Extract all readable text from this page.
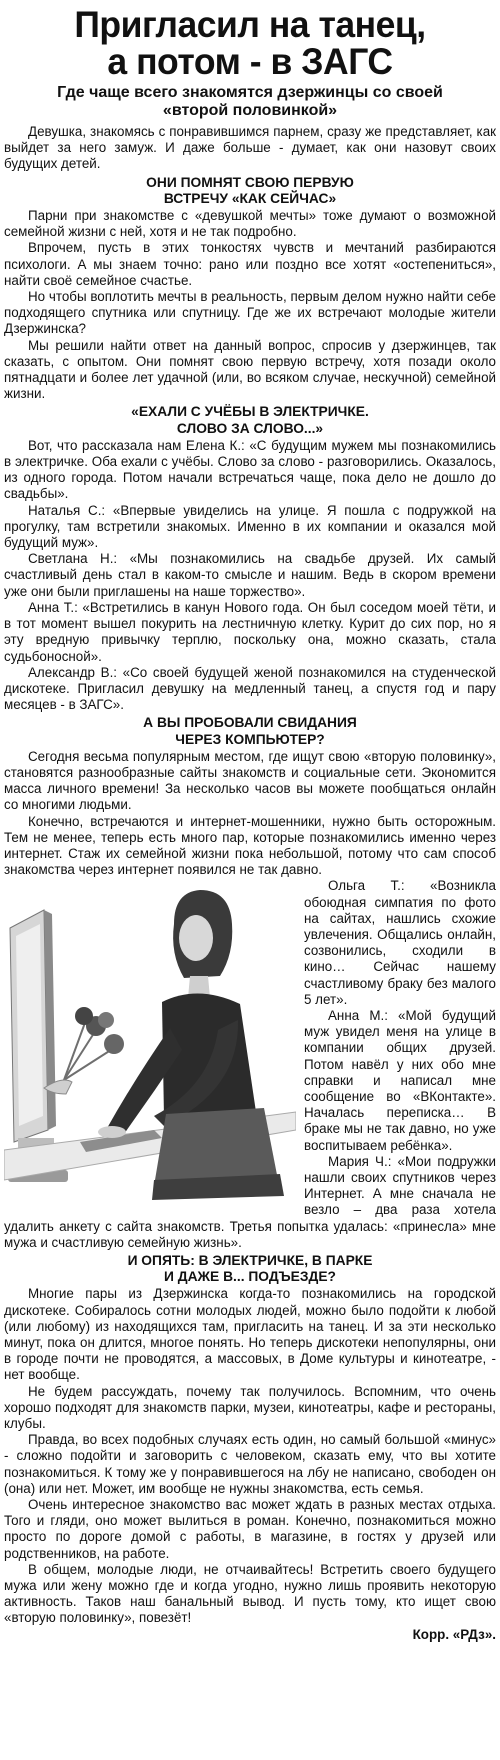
Пригласил на танец,
а потом - в ЗАГС
Где чаще всего знакомятся дзержинцы со своей
«второй половинкой»

Девушка, знакомясь с понравившимся парнем, сразу же представляет, как выйдет за него замуж. И даже больше - думает, как они назовут своих будущих детей.

ОНИ ПОМНЯТ СВОЮ ПЕРВУЮ
ВСТРЕЧУ «КАК СЕЙЧАС»

Парни при знакомстве с «девушкой мечты» тоже думают о возможной семейной жизни с ней, хотя и не так подробно.

Впрочем, пусть в этих тонкостях чувств и мечтаний разбираются психологи. А мы знаем точно: рано или поздно все хотят «остепениться», найти своё семейное счастье.

Но чтобы воплотить мечты в реальность, первым делом нужно найти себе подходящего спутника или спутницу. Где же их встречают молодые жители Дзержинска?

Мы решили найти ответ на данный вопрос, спросив у дзержинцев, так сказать, с опытом. Они помнят свою первую встречу, хотя позади около пятнадцати и более лет удачной (или, во всяком случае, нескучной) семейной жизни.

«ЕХАЛИ С УЧЁБЫ В ЭЛЕКТРИЧКЕ.
СЛОВО ЗА СЛОВО...»

Вот, что рассказала нам Елена К.: «С будущим мужем мы познакомились в электричке. Оба ехали с учёбы. Слово за слово - разговорились. Оказалось, из одного города. Потом начали встречаться чаще, пока дело не дошло до свадьбы».

Наталья С.: «Впервые увиделись на улице. Я пошла с подружкой на прогулку, там встретили знакомых. Именно в их компании и оказался мой будущий муж».

Светлана Н.: «Мы познакомились на свадьбе друзей. Их самый счастливый день стал в каком-то смысле и нашим. Ведь в скором времени уже они были приглашены на наше торжество».

Анна Т.: «Встретились в канун Нового года. Он был соседом моей тёти, и в тот момент вышел покурить на лестничную клетку. Курит до сих пор, но я эту вредную привычку терплю, поскольку она, можно сказать, стала судьбоносной».

Александр В.: «Со своей будущей женой познакомился на студенческой дискотеке. Пригласил девушку на медленный танец, а спустя год и пару месяцев - в ЗАГС».

А ВЫ ПРОБОВАЛИ СВИДАНИЯ
ЧЕРЕЗ КОМПЬЮТЕР?

Сегодня весьма популярным местом, где ищут свою «вторую половинку», становятся разнообразные сайты знакомств и социальные сети. Экономится масса личного времени! За несколько часов вы можете пообщаться онлайн со многими людьми.

Конечно, встречаются и интернет-мошенники, нужно быть осторожным. Тем не менее, теперь есть много пар, которые познакомились именно через интернет. Стаж их семейной жизни пока небольшой, потому что сам способ знакомства через интернет появился не так давно.

Ольга Т.: «Возникла обоюдная симпатия по фото на сайтах, нашлись схожие увлечения. Общались онлайн, созвонились, сходили в кино… Сейчас нашему счастливому браку без малого 5 лет».

Анна М.: «Мой будущий муж увидел меня на улице в компании общих друзей. Потом навёл у них обо мне справки и написал мне сообщение во «ВКонтакте». Началась переписка… В браке мы не так давно, но уже воспитываем ребёнка».

Мария Ч.: «Мои подружки нашли своих спутников через Интернет. А мне сначала не везло – два раза хотела удалить анкету с сайта знакомств. Третья попытка удалась: «принесла» мне мужа и счастливую семейную жизнь».

И ОПЯТЬ: В ЭЛЕКТРИЧКЕ, В ПАРКЕ
И ДАЖЕ В... ПОДЪЕЗДЕ?

Многие пары из Дзержинска когда-то познакомились на городской дискотеке. Собиралось сотни молодых людей, можно было подойти к любой (или любому) из находящихся там, пригласить на танец. И за эти несколько минут, пока он длится, многое понять. Но теперь дискотеки непопулярны, они в городе почти не проводятся, а массовых, в Доме культуры и кинотеатре, - нет вообще.

Не будем рассуждать, почему так получилось. Вспомним, что очень хорошо подходят для знакомств парки, музеи, кинотеатры, кафе и рестораны, клубы.

Правда, во всех подобных случаях есть один, но самый большой «минус» - сложно подойти и заговорить с человеком, сказать ему, что вы хотите познакомиться. К тому же у понравившегося на лбу не написано, свободен он (она) или нет. Может, им вообще не нужны знакомства, есть семья.

Очень интересное знакомство вас может ждать в разных местах отдыха. Того и гляди, оно может вылиться в роман. Конечно, познакомиться можно просто по дороге домой с работы, в магазине, в гостях у друзей или родственников, на работе.

В общем, молодые люди, не отчаивайтесь! Встретить своего будущего мужа или жену можно где и когда угодно, нужно лишь проявить некоторую активность. Таков наш банальный вывод. И пусть тому, кто ищет свою «вторую половинку», повезёт!

Корр. «РДз».
